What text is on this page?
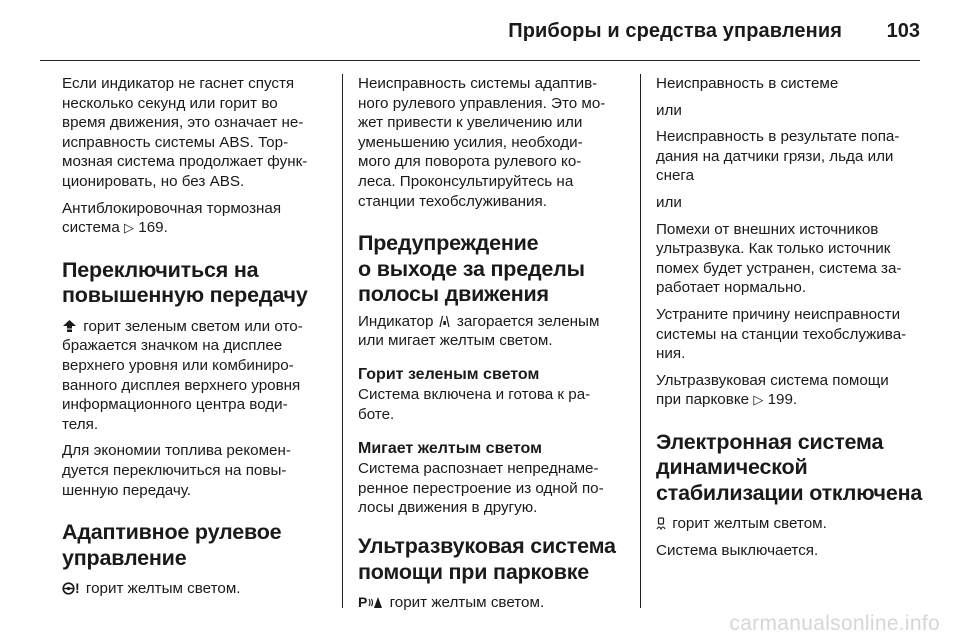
Приборы и средства управления 103

Если индикатор не гаснет спустя
несколько секунд или горит во
время движения, это означает не-
исправность системы ABS. Тор-
мозная система продолжает функ-
ционировать, но без ABS.

Антиблокировочная тормозная
система ▷ 169.

Переключиться на
повышенную передачу

горит зеленым светом или ото-
бражается значком на дисплее
верхнего уровня или комбиниро-
ванного дисплея верхнего уровня
информационного центра води-
теля.

Для экономии топлива рекомен-
дуется переключиться на повы-
шенную передачу.

Адаптивное рулевое
управление

! горит желтым светом.

Неисправность системы адаптив-
ного рулевого управления. Это мо-
жет привести к увеличению или
уменьшению усилия, необходи-
мого для поворота рулевого ко-
леса. Проконсультируйтесь на
станции техобслуживания.

Предупреждение
о выходе за пределы
полосы движения

Индикатор загорается зеленым
или мигает желтым светом.

Горит зеленым светом

Система включена и готова к ра-
боте.

Мигает желтым светом

Система распознает непреднаме-
ренное перестроение из одной по-
лосы движения в другую.

Ультразвуковая система
помощи при парковке

P горит желтым светом.

Неисправность в системе

или

Неисправность в результате попа-
дания на датчики грязи, льда или
снега

или

Помехи от внешних источников
ультразвука. Как только источник
помех будет устранен, система за-
работает нормально.

Устраните причину неисправности
системы на станции техобслужива-
ния.

Ультразвуковая система помощи
при парковке ▷ 199.

Электронная система
динамической
стабилизации отключена

горит желтым светом.

Система выключается.

carmanualsonline.info
